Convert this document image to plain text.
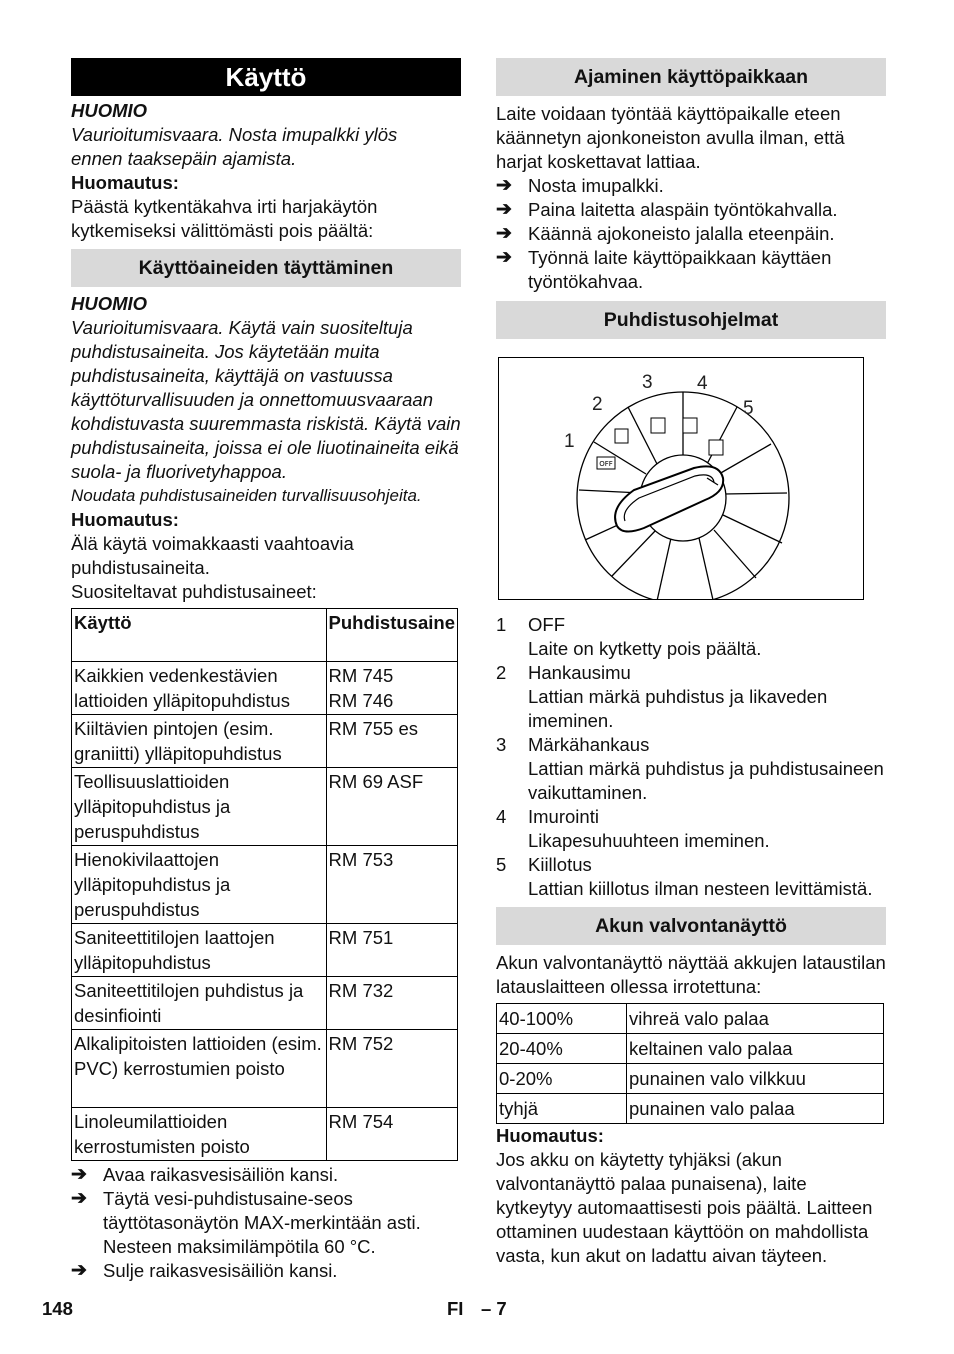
Käyttö

HUOMIO

Vaurioitumisvaara. Nosta imupalkki ylös ennen taaksepäin ajamista.

Huomautus:

Päästä kytkentäkahva irti harjakäytön kytkemiseksi välittömästi pois päältä:

Käyttöaineiden täyttäminen

HUOMIO

Vaurioitumisvaara. Käytä vain suositeltuja puhdistusaineita. Jos käytetään muita puhdistusaineita, käyttäjä on vastuussa käyttöturvallisuuden ja onnettomuusvaaraan kohdistuvasta suuremmasta riskistä. Käytä vain puhdistusaineita, joissa ei ole liuotinaineita eikä suola- ja fluorivetyhappoa.

Noudata puhdistusaineiden turvallisuusohjeita.

Huomautus:

Älä käytä voimakkaasti vaahtoavia puhdistusaineita.

Suositeltavat puhdistusaineet:

Käyttö	Puhdistusaine
Kaikkien vedenkestävien lattioiden ylläpitopuhdistus	RM 745
RM 746
Kiiltävien pintojen (esim. graniitti) ylläpitopuhdistus	RM 755 es
Teollisuuslattioiden ylläpitopuhdistus ja peruspuhdistus	RM 69 ASF
Hienokivilaattojen ylläpitopuhdistus ja peruspuhdistus	RM 753
Saniteettitilojen laattojen ylläpitopuhdistus	RM 751
Saniteettitilojen puhdistus ja desinfiointi	RM 732
Alkalipitoisten lattioiden (esim. PVC) kerrostumien poisto	RM 752
Linoleumilattioiden kerrostumisten poisto	RM 754
➔ Avaa raikasvesisäiliön kansi.
➔ Täytä vesi-puhdistusaine-seos täyttötasonäytön MAX-merkintään asti. Nesteen maksimilämpötila 60 °C.
➔ Sulje raikasvesisäiliön kansi.
Ajaminen käyttöpaikkaan

Laite voidaan työntää käyttöpaikalle eteen käännetyn ajonkoneiston avulla ilman, että harjat koskettavat lattiaa.

➔ Nosta imupalkki.
➔ Paina laitetta alaspäin työntökahvalla.
➔ Käännä ajokoneisto jalalla eteenpäin.
➔ Työnnä laite käyttöpaikkaan käyttäen työntökahvaa.
Puhdistusohjelmat
OFF
1
2
3 4
5
1 OFF

Laite on kytketty pois päältä.

2 Hankausimu

Lattian märkä puhdistus ja likaveden imeminen.

3 Märkähankaus

Lattian märkä puhdistus ja puhdistusaineen vaikuttaminen.

4 Imurointi

Likapesuhuuhteen imeminen.

5 Kiillotus

Lattian kiillotus ilman nesteen levittämistä.

Akun valvontanäyttö

Akun valvontanäyttö näyttää akkujen lataustilan latauslaitteen ollessa irrotettuna:

40-100%	vihreä valo palaa
20-40%	keltainen valo palaa
0-20%	punainen valo vilkkuu
tyhjä	punainen valo palaa

Huomautus:

Jos akku on käytetty tyhjäksi (akun valvontanäyttö palaa punaisena), laite kytkeytyy automaattisesti pois päältä. Laitteen ottaminen uudestaan käyttöön on mahdollista vasta, kun akut on ladattu aivan täyteen.

148	FI – 7
